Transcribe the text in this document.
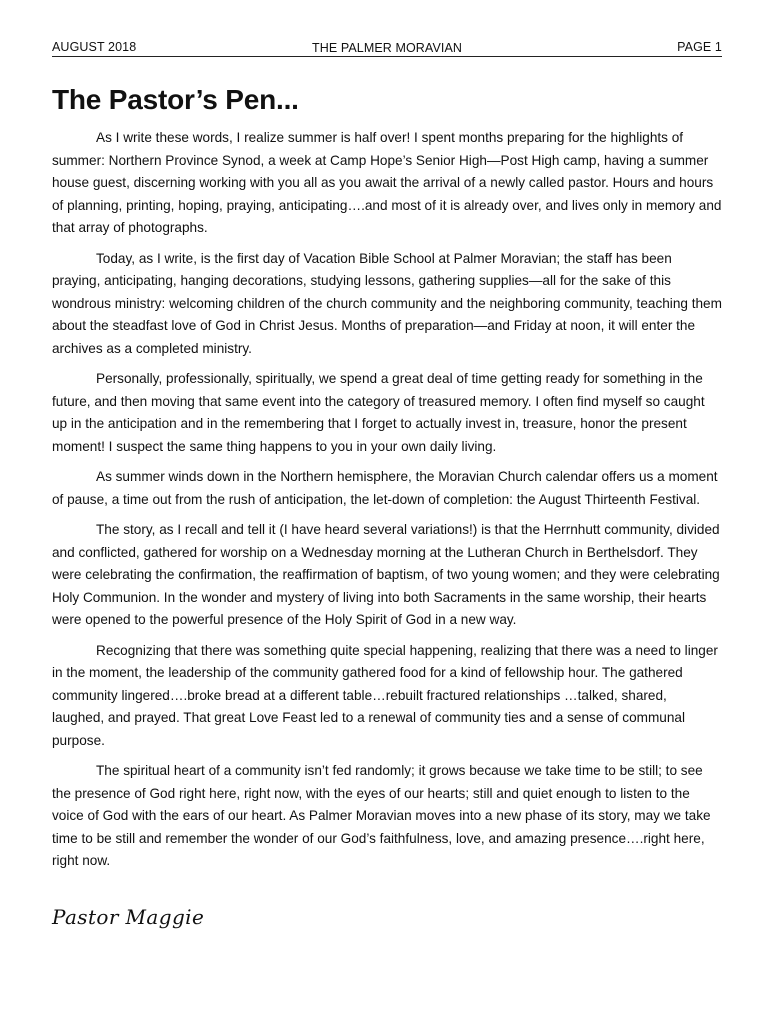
AUGUST 2018	THE PALMER MORAVIAN	PAGE 1
The Pastor’s Pen...

As I write these words, I realize summer is half over! I spent months preparing for the highlights of summer: Northern Province Synod, a week at Camp Hope’s Senior High—Post High camp, having a summer house guest, discerning working with you all as you await the arrival of a newly called pastor. Hours and hours of planning, printing, hoping, praying, anticipating….and most of it is already over, and lives only in memory and that array of photographs.

Today, as I write, is the first day of Vacation Bible School at Palmer Moravian; the staff has been praying, anticipating, hanging decorations, studying lessons, gathering supplies—all for the sake of this wondrous ministry: welcoming children of the church community and the neighboring community, teaching them about the steadfast love of God in Christ Jesus. Months of preparation—and Friday at noon, it will enter the archives as a completed ministry.

Personally, professionally, spiritually, we spend a great deal of time getting ready for something in the future, and then moving that same event into the category of treasured memory. I often find myself so caught up in the anticipation and in the remembering that I forget to actually invest in, treasure, honor the present moment! I suspect the same thing happens to you in your own daily living.

As summer winds down in the Northern hemisphere, the Moravian Church calendar offers us a moment of pause, a time out from the rush of anticipation, the let-down of completion: the August Thirteenth Festival.

The story, as I recall and tell it (I have heard several variations!) is that the Herrnhutt community, divided and conflicted, gathered for worship on a Wednesday morning at the Lutheran Church in Berthelsdorf. They were celebrating the confirmation, the reaffirmation of baptism, of two young women; and they were celebrating Holy Communion. In the wonder and mystery of living into both Sacraments in the same worship, their hearts were opened to the powerful presence of the Holy Spirit of God in a new way.

Recognizing that there was something quite special happening, realizing that there was a need to linger in the moment, the leadership of the community gathered food for a kind of fellowship hour. The gathered community lingered….broke bread at a different table…rebuilt fractured relationships …talked, shared, laughed, and prayed. That great Love Feast led to a renewal of community ties and a sense of communal purpose.

The spiritual heart of a community isn’t fed randomly; it grows because we take time to be still; to see the presence of God right here, right now, with the eyes of our hearts; still and quiet enough to listen to the voice of God with the ears of our heart. As Palmer Moravian moves into a new phase of its story, may we take time to be still and remember the wonder of our God’s faithfulness, love, and amazing presence….right here, right now.

Pastor Maggie
